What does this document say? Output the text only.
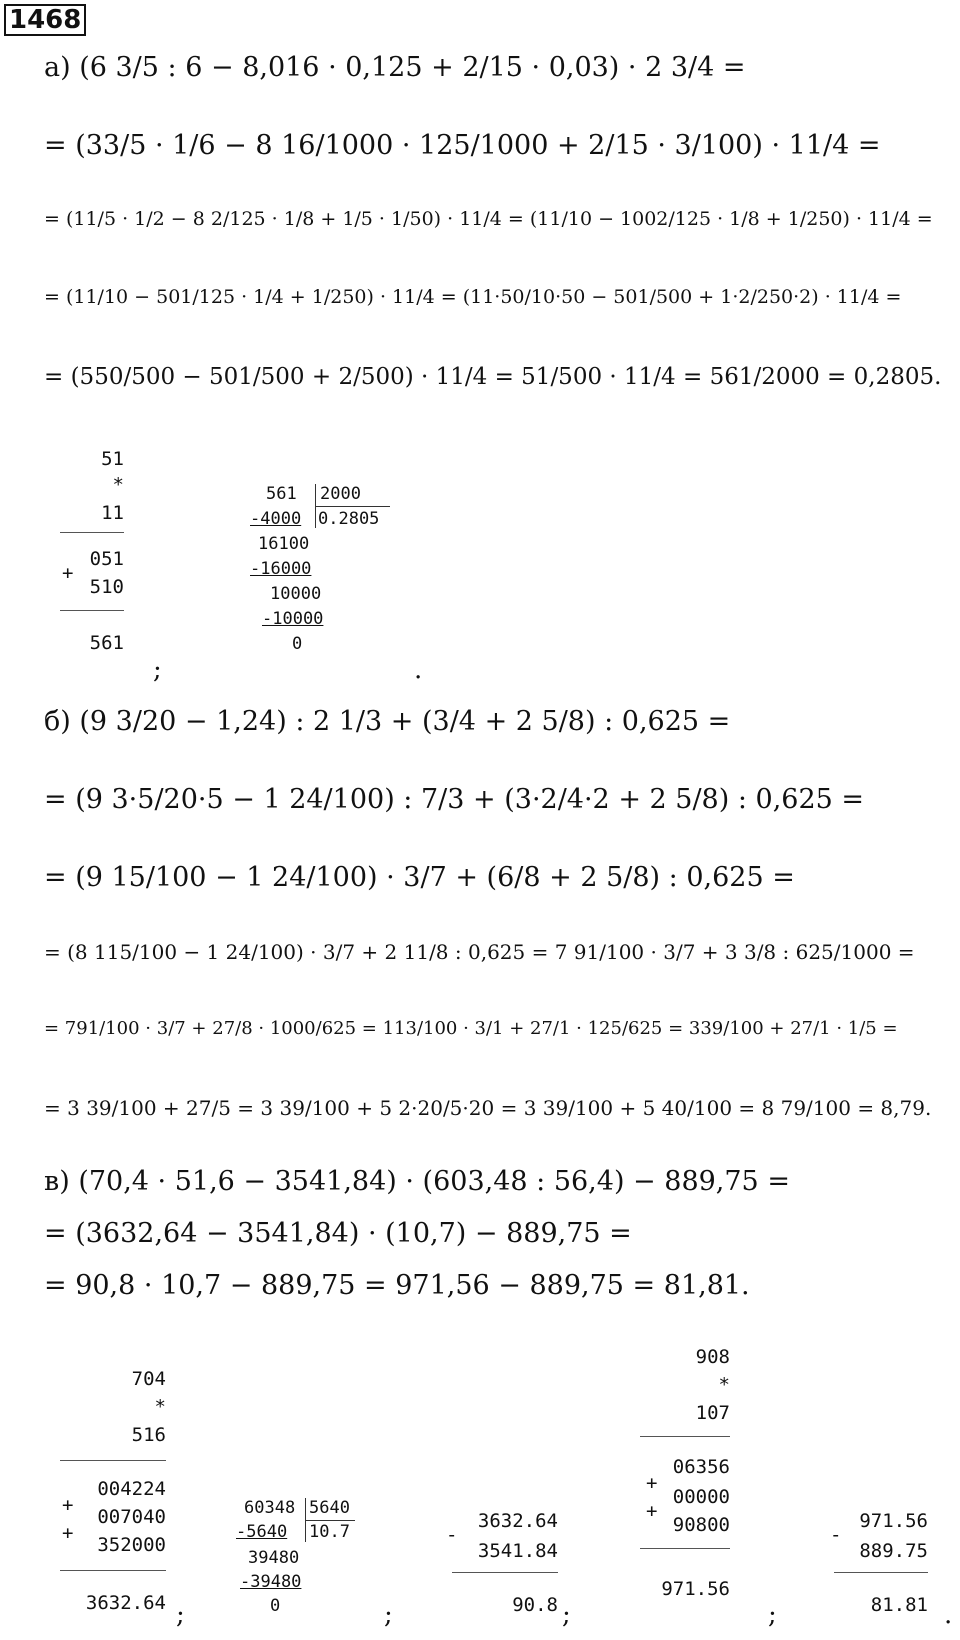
1468
а) (6 3/5 : 6 − 8,016 · 0,125 + 2/15 · 0,03) · 2 3/4 =
= (33/5 · 1/6 − 8 16/1000 · 125/1000 + 2/15 · 3/100) · 11/4 =
= (11/5 · 1/2 − 8 2/125 · 1/8 + 1/5 · 1/50) · 11/4 = (11/10 − 1002/125 · 1/8 + 1/250) · 11/4 =
= (11/10 − 501/125 · 1/4 + 1/250) · 11/4 = (11·50/10·50 − 501/500 + 1·2/250·2) · 11/4 =
= (550/500 − 501/500 + 2/500) · 11/4 = 51/500 · 11/4 = 561/2000 = 0,2805.
51
*
11
051
+
510
561
;
561 2000
-4000 0.2805
16100
-16000
10000
-10000
0
.
б) (9 3/20 − 1,24) : 2 1/3 + (3/4 + 2 5/8) : 0,625 =
= (9 3·5/20·5 − 1 24/100) : 7/3 + (3·2/4·2 + 2 5/8) : 0,625 =
= (9 15/100 − 1 24/100) · 3/7 + (6/8 + 2 5/8) : 0,625 =
= (8 115/100 − 1 24/100) · 3/7 + 2 11/8 : 0,625 = 7 91/100 · 3/7 + 3 3/8 : 625/1000 =
= 791/100 · 3/7 + 27/8 · 1000/625 = 113/100 · 3/1 + 27/1 · 125/625 = 339/100 + 27/1 · 1/5 =
= 3 39/100 + 27/5 = 3 39/100 + 5 2·20/5·20 = 3 39/100 + 5 40/100 = 8 79/100 = 8,79.
в) (70,4 · 51,6 − 3541,84) · (603,48 : 56,4) − 889,75 =
= (3632,64 − 3541,84) · (10,7) − 889,75 =
= 90,8 · 10,7 − 889,75 = 971,56 − 889,75 = 81,81.
704
*
516
004224
+
007040
+
352000
3632.64 ;
60348 5640
-5640 10.7
39480
-39480
0	;
3632.64
-
3541.84
90.8 ;
908
*
107
06356
+
00000
+
90800
971.56
;
971.56
-
889.75
81.81 .
